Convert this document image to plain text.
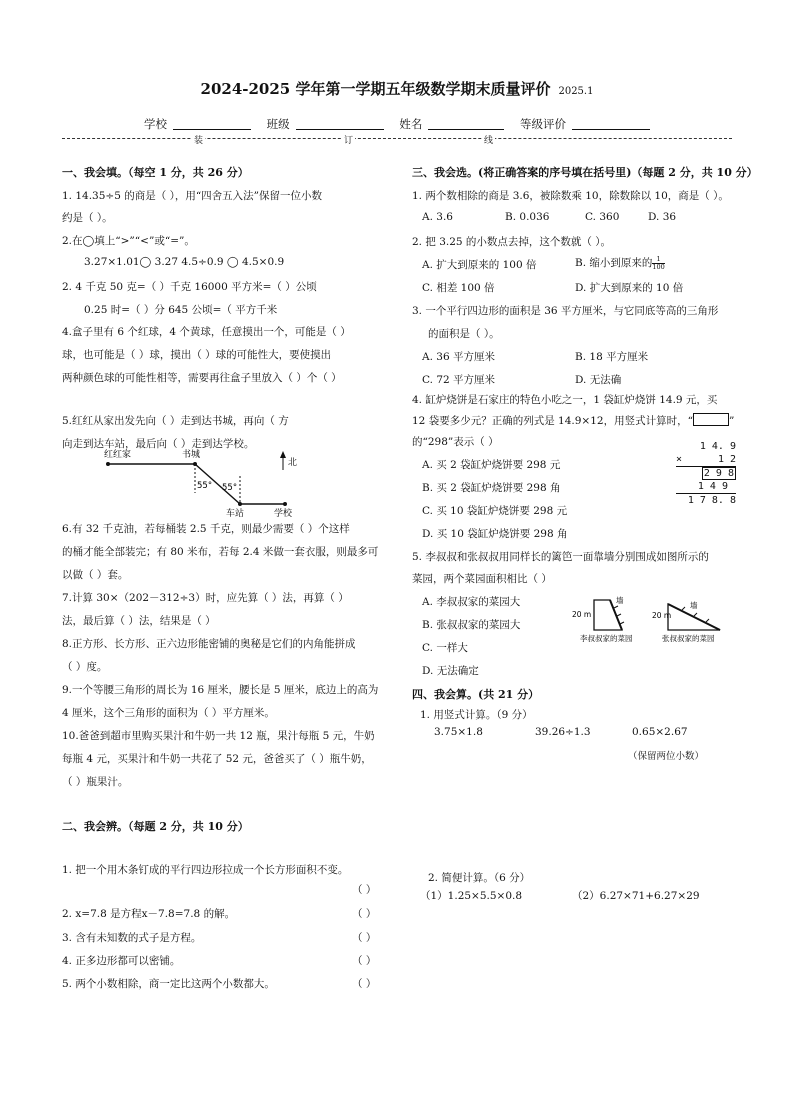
2024-2025 学年第一学期五年级数学期末质量评价 2025.1
学校	班级	姓名	等级评价
装	订	线
一、我会填。（每空 1 分，共 26 分）
1. 14.35÷5 的商是（ ），用“四舍五入法”保留一位小数
约是（ ）。
2.在◯填上“>”“<”或“=”。
3.27×1.01◯ 3.27 4.5÷0.9 ◯ 4.5×0.9
2. 4 千克 50 克=（ ）千克 16000 平方米=（ ）公顷
0.25 时=（ ）分 645 公顷=（ 平方千米
4.盒子里有 6 个红球，4 个黄球，任意摸出一个，可能是（ ）
球，也可能是（ ）球，摸出（ ）球的可能性大，要使摸出
两种颜色球的可能性相等，需要再往盒子里放入（ ）个（ ）
5.红红从家出发先向（ ）走到达书城，再向（ 方
向走到达车站，最后向（ ）走到达学校。
红红家	书城
车站	学校
55° 55°
北
6.有 32 千克油，若每桶装 2.5 千克，则最少需要（ ）个这样
的桶才能全部装完；有 80 米布，若每 2.4 米做一套衣服，则最多可
以做（ ）套。
7.计算 30×（202－312÷3）时，应先算（ ）法，再算（ ）
法，最后算（ ）法，结果是（ ）
8.正方形、长方形、正六边形能密铺的奥秘是它们的内角能拼成
（ ）度。
9.一个等腰三角形的周长为 16 厘米，腰长是 5 厘米，底边上的高为
4 厘米，这个三角形的面积为（ ）平方厘米。
10.爸爸到超市里购买果汁和牛奶一共 12 瓶，果汁每瓶 5 元，牛奶
每瓶 4 元，买果汁和牛奶一共花了 52 元，爸爸买了（ ）瓶牛奶，
（ ）瓶果汁。
二、我会辨。（每题 2 分，共 10 分）
1. 把一个用木条钉成的平行四边形拉成一个长方形面积不变。
（ ）
2. x=7.8 是方程x－7.8=7.8 的解。	（ ）
3. 含有未知数的式子是方程。	（ ）
4. 正多边形都可以密铺。	（ ）
5. 两个小数相除，商一定比这两个小数都大。	（ ）
三、我会选。(将正确答案的序号填在括号里)（每题 2 分，共 10 分）
1. 两个数相除的商是 3.6，被除数乘 10，除数除以 10，商是（ ）。
A. 3.6	B. 0.036	C. 360	D. 36
2. 把 3.25 的小数点去掉，这个数就（ ）。
A. 扩大到原来的 100 倍	B. 缩小到原来的 $\frac{1}{100}$
C. 相差 100 倍	D. 扩大到原来的 10 倍
3. 一个平行四边形的面积是 36 平方厘米，与它同底等高的三角形
的面积是（ ）。
A. 36 平方厘米	B. 18 平方厘米
C. 72 平方厘米	D. 无法确
4. 缸炉烧饼是石家庄的特色小吃之一，1 袋缸炉烧饼 14.9 元，买
12 袋要多少元？正确的列式是 14.9×12，用竖式计算时，“	”
的“298”表示（ ）
A. 买 2 袋缸炉烧饼要 298 元
B. 买 2 袋缸炉烧饼要 298 角
C. 买 10 袋缸炉烧饼要 298 元
D. 买 10 袋缸炉烧饼要 298 角
1 4. 9
×	1 2
2 9 8
1 4 9
1 7 8. 8
5. 李叔叔和张叔叔用同样长的篱笆一面靠墙分别围成如图所示的
菜园，两个菜园面积相比（ ）
A. 李叔叔家的菜园大
B. 张叔叔家的菜园大
C. 一样大
D. 无法确定
20 m
墙
李叔叔家的菜园
20 m
墙
张叔叔家的菜园
四、我会算。(共 21 分）
1. 用竖式计算。（9 分）
3.75×1.8	39.26÷1.3	0.65×2.67
（保留两位小数）
2. 简便计算。（6 分）
（1）1.25×5.5×0.8	（2）6.27×71+6.27×29
